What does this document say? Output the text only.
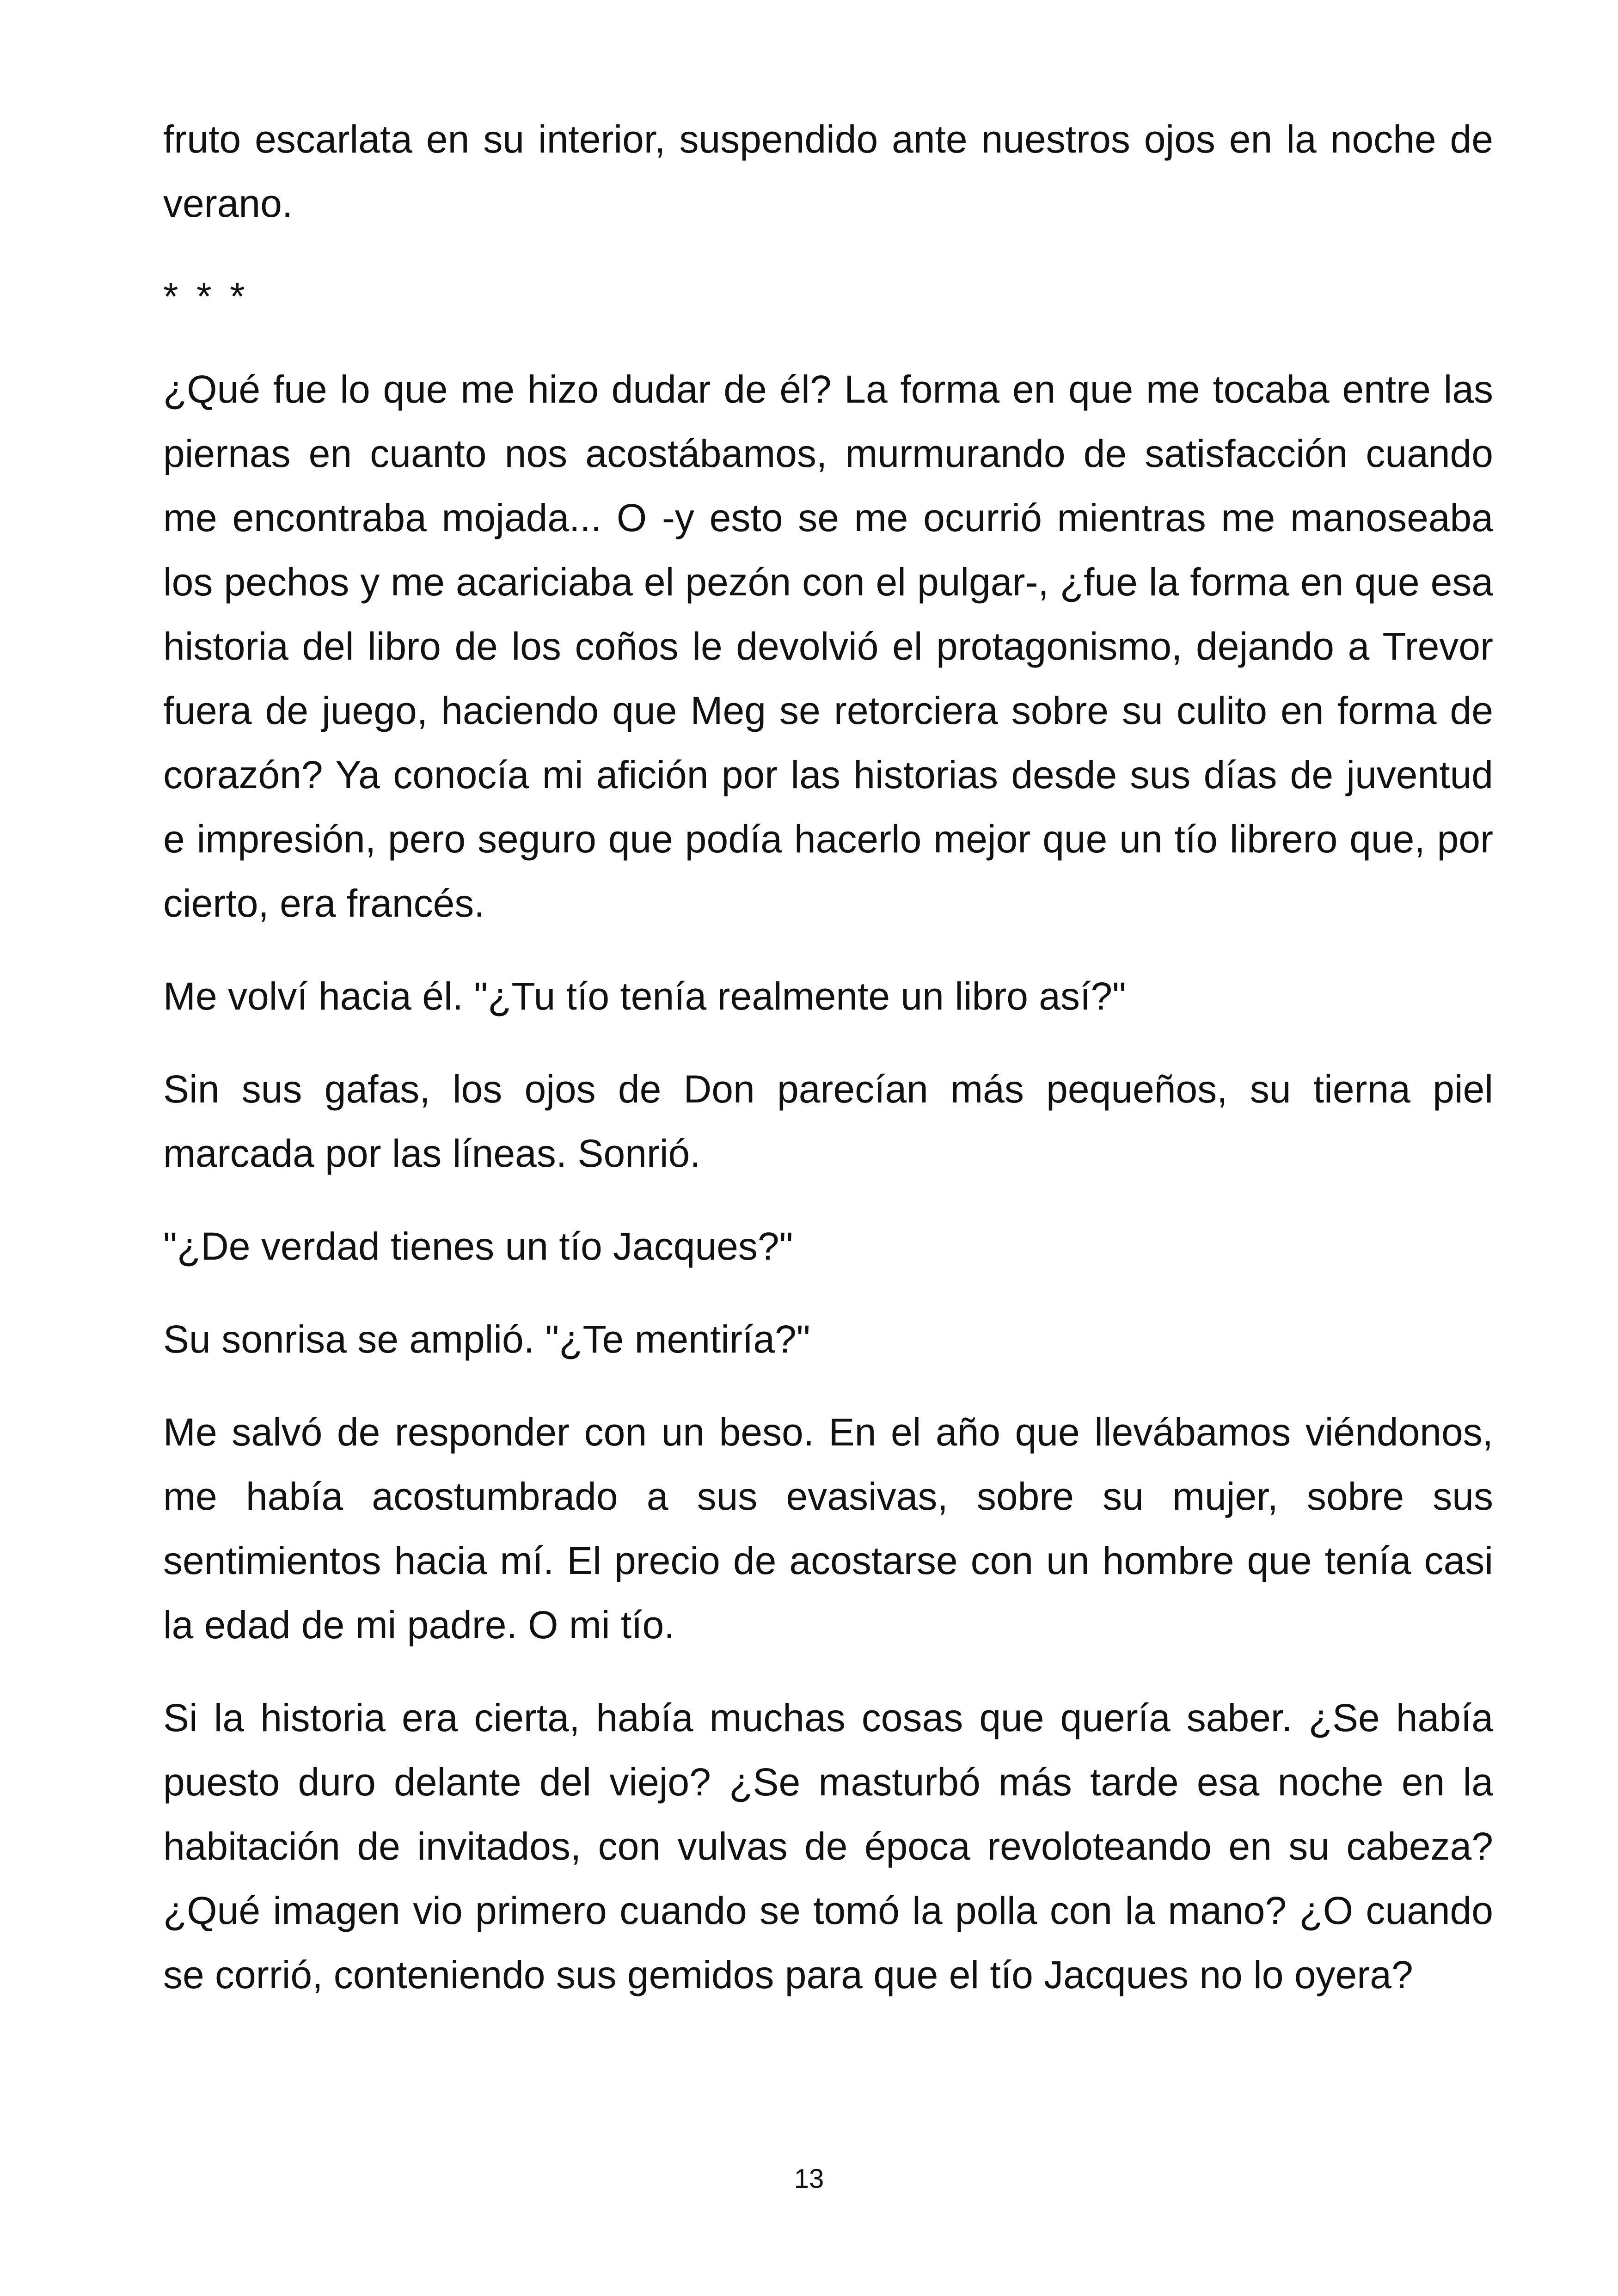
fruto escarlata en su interior, suspendido ante nuestros ojos en la noche de verano.

* * *

¿Qué fue lo que me hizo dudar de él? La forma en que me tocaba entre las piernas en cuanto nos acostábamos, murmurando de satisfacción cuando me encontraba mojada... O -y esto se me ocurrió mientras me manoseaba los pechos y me acariciaba el pezón con el pulgar-, ¿fue la forma en que esa historia del libro de los coños le devolvió el protagonismo, dejando a Trevor fuera de juego, haciendo que Meg se retorciera sobre su culito en forma de corazón? Ya conocía mi afición por las historias desde sus días de juventud e impresión, pero seguro que podía hacerlo mejor que un tío librero que, por cierto, era francés.

Me volví hacia él. "¿Tu tío tenía realmente un libro así?"

Sin sus gafas, los ojos de Don parecían más pequeños, su tierna piel marcada por las líneas. Sonrió.

"¿De verdad tienes un tío Jacques?"

Su sonrisa se amplió. "¿Te mentiría?"

Me salvó de responder con un beso. En el año que llevábamos viéndonos, me había acostumbrado a sus evasivas, sobre su mujer, sobre sus sentimientos hacia mí. El precio de acostarse con un hombre que tenía casi la edad de mi padre. O mi tío.

Si la historia era cierta, había muchas cosas que quería saber. ¿Se había puesto duro delante del viejo? ¿Se masturbó más tarde esa noche en la habitación de invitados, con vulvas de época revoloteando en su cabeza? ¿Qué imagen vio primero cuando se tomó la polla con la mano? ¿O cuando se corrió, conteniendo sus gemidos para que el tío Jacques no lo oyera?

13
